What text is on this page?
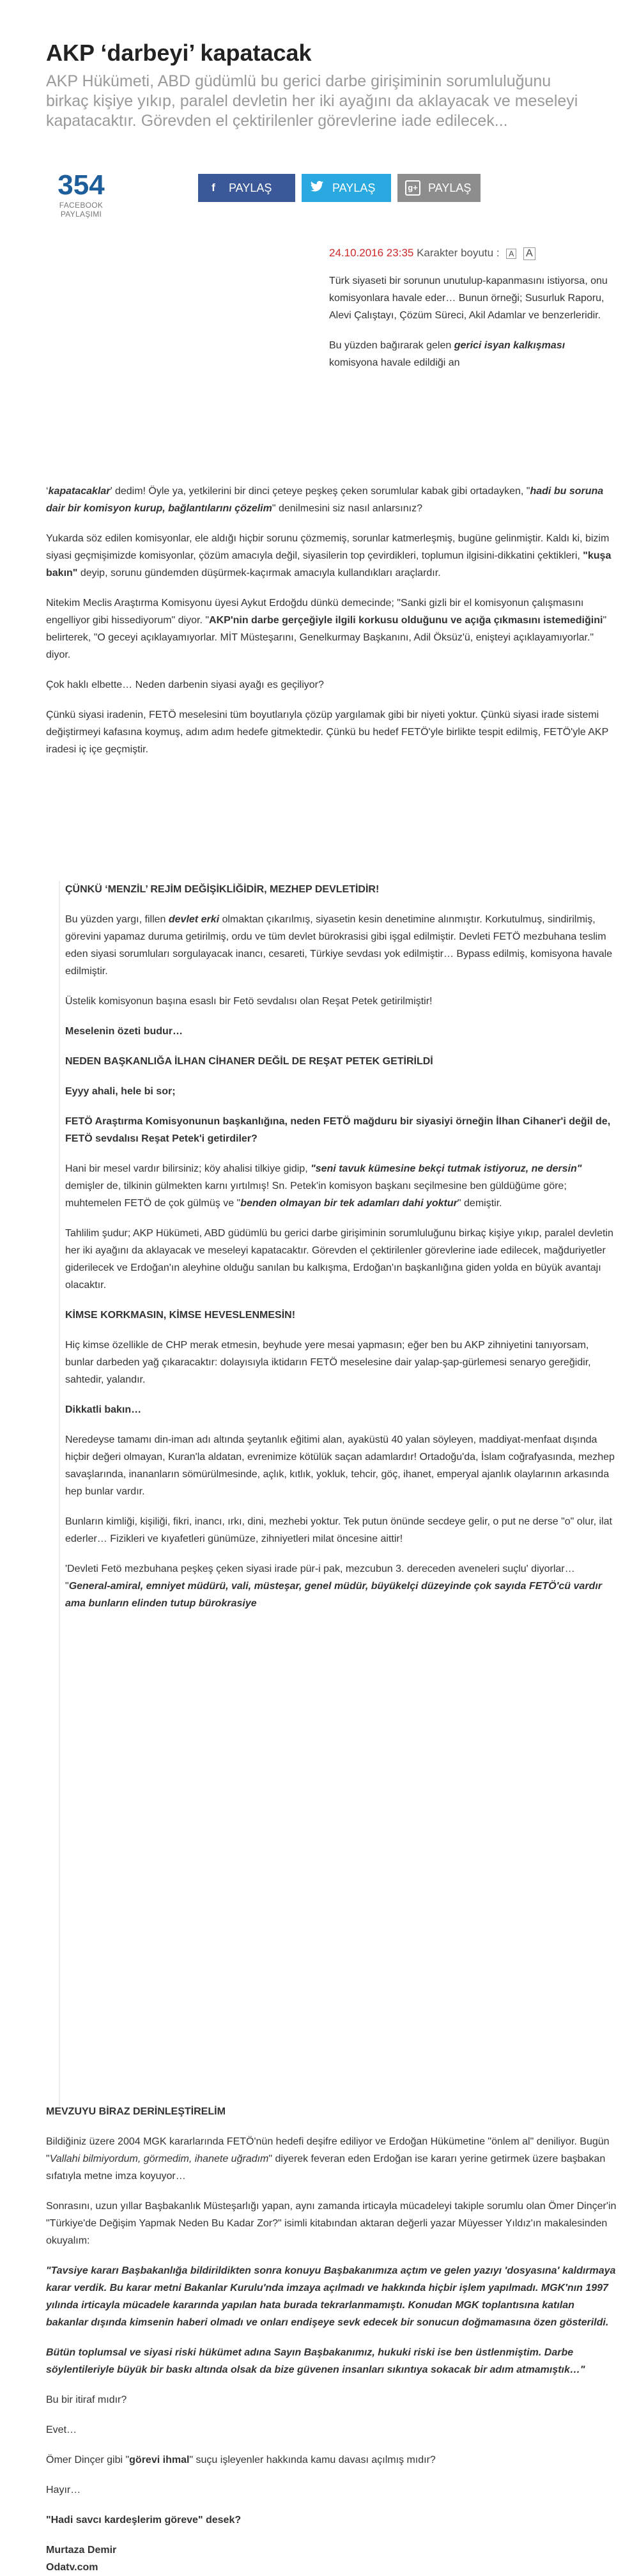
AKP ‘darbeyi’ kapatacak

AKP Hükümeti, ABD güdümlü bu gerici darbe girişiminin sorumluluğunu birkaç kişiye yıkıp, paralel devletin her iki ayağını da aklayacak ve meseleyi kapatacaktır. Görevden el çektirilenler görevlerine iade edilecek...

354
FACEBOOK PAYLAŞIMI
f	PAYLAŞ	PAYLAŞ	g+ PAYLAŞ
24.10.2016 23:35 Karakter boyutu : A A

Türk siyaseti bir sorunun unutulup-kapanmasını istiyorsa, onu komisyonlara havale eder… Bunun örneği; Susurluk Raporu, Alevi Çalıştayı, Çözüm Süreci, Akil Adamlar ve benzerleridir.

Bu yüzden bağırarak gelen gerici isyan kalkışması komisyona havale edildiği an

‘kapatacaklar’ dedim! Öyle ya, yetkilerini bir dinci çeteye peşkeş çeken sorumlular kabak gibi ortadayken, "hadi bu soruna dair bir komisyon kurup, bağlantılarını çözelim" denilmesini siz nasıl anlarsınız?

Yukarda söz edilen komisyonlar, ele aldığı hiçbir sorunu çözmemiş, sorunlar katmerleşmiş, bugüne gelinmiştir. Kaldı ki, bizim siyasi geçmişimizde komisyonlar, çözüm amacıyla değil, siyasilerin top çevirdikleri, toplumun ilgisini-dikkatini çektikleri, "kuşa bakın" deyip, sorunu gündemden düşürmek-kaçırmak amacıyla kullandıkları araçlardır.

Nitekim Meclis Araştırma Komisyonu üyesi Aykut Erdoğdu dünkü demecinde; "Sanki gizli bir el komisyonun çalışmasını engelliyor gibi hissediyorum" diyor. "AKP'nin darbe gerçeğiyle ilgili korkusu olduğunu ve açığa çıkmasını istemediğini" belirterek, "O geceyi açıklayamıyorlar. MİT Müsteşarını, Genelkurmay Başkanını, Adil Öksüz'ü, enişteyi açıklayamıyorlar." diyor.

Çok haklı elbette… Neden darbenin siyasi ayağı es geçiliyor?

Çünkü siyasi iradenin, FETÖ meselesini tüm boyutlarıyla çözüp yargılamak gibi bir niyeti yoktur. Çünkü siyasi irade sistemi değiştirmeyi kafasına koymuş, adım adım hedefe gitmektedir. Çünkü bu hedef FETÖ'yle birlikte tespit edilmiş, FETÖ'yle AKP iradesi iç içe geçmiştir.

ÇÜNKÜ ‘MENZİL’ REJİM DEĞİŞİKLİĞİDİR, MEZHEP DEVLETİDİR!

Bu yüzden yargı, fillen devlet erki olmaktan çıkarılmış, siyasetin kesin denetimine alınmıştır. Korkutulmuş, sindirilmiş, görevini yapamaz duruma getirilmiş, ordu ve tüm devlet bürokrasisi gibi işgal edilmiştir. Devleti FETÖ mezbuhana teslim eden siyasi sorumluları sorgulayacak inancı, cesareti, Türkiye sevdası yok edilmiştir… Bypass edilmiş, komisyona havale edilmiştir.

Üstelik komisyonun başına esaslı bir Fetö sevdalısı olan Reşat Petek getirilmiştir!

Meselenin özeti budur…

NEDEN BAŞKANLIĞA İLHAN CİHANER DEĞİL DE REŞAT PETEK GETİRİLDİ

Eyyy ahali, hele bi sor;

FETÖ Araştırma Komisyonunun başkanlığına, neden FETÖ mağduru bir siyasiyi örneğin İlhan Cihaner'i değil de, FETÖ sevdalısı Reşat Petek'i getirdiler?

Hani bir mesel vardır bilirsiniz; köy ahalisi tilkiye gidip, "seni tavuk kümesine bekçi tutmak istiyoruz, ne dersin" demişler de, tilkinin gülmekten karnı yırtılmış! Sn. Petek'in komisyon başkanı seçilmesine ben güldüğüme göre; muhtemelen FETÖ de çok gülmüş ve "benden olmayan bir tek adamları dahi yoktur" demiştir.

Tahlilim şudur; AKP Hükümeti, ABD güdümlü bu gerici darbe girişiminin sorumluluğunu birkaç kişiye yıkıp, paralel devletin her iki ayağını da aklayacak ve meseleyi kapatacaktır. Görevden el çektirilenler görevlerine iade edilecek, mağduriyetler giderilecek ve Erdoğan'ın aleyhine olduğu sanılan bu kalkışma, Erdoğan'ın başkanlığına giden yolda en büyük avantajı olacaktır.

KİMSE KORKMASIN, KİMSE HEVESLENMESİN!

Hiç kimse özellikle de CHP merak etmesin, beyhude yere mesai yapmasın; eğer ben bu AKP zihniyetini tanıyorsam, bunlar darbeden yağ çıkaracaktır: dolayısıyla iktidarın FETÖ meselesine dair yalap-şap-gürlemesi senaryo gereğidir, sahtedir, yalandır.

Dikkatli bakın…

Neredeyse tamamı din-iman adı altında şeytanlık eğitimi alan, ayaküstü 40 yalan söyleyen, maddiyat-menfaat dışında hiçbir değeri olmayan, Kuran'la aldatan, evrenimize kötülük saçan adamlardır! Ortadoğu'da, İslam coğrafyasında, mezhep savaşlarında, inananların sömürülmesinde, açlık, kıtlık, yokluk, tehcir, göç, ihanet, emperyal ajanlık olaylarının arkasında hep bunlar vardır.

Bunların kimliği, kişiliği, fikri, inancı, ırkı, dini, mezhebi yoktur. Tek putun önünde secdeye gelir, o put ne derse "o" olur, ilat ederler… Fizikleri ve kıyafetleri günümüze, zihniyetleri milat öncesine aittir!

'Devleti Fetö mezbuhana peşkeş çeken siyasi irade pür-i pak, mezcubun 3. dereceden aveneleri suçlu' diyorlar… "General-amiral, emniyet müdürü, vali, müsteşar, genel müdür, büyükelçi düzeyinde çok sayıda FETÖ'cü vardır ama bunların elinden tutup bürokrasiye

MEVZUYU BİRAZ DERİNLEŞTİRELİM

Bildiğiniz üzere 2004 MGK kararlarında FETÖ'nün hedefi deşifre ediliyor ve Erdoğan Hükümetine "önlem al" deniliyor. Bugün "Vallahi bilmiyordum, görmedim, ihanete uğradım" diyerek feveran eden Erdoğan ise kararı yerine getirmek üzere başbakan sıfatıyla metne imza koyuyor…

Sonrasını, uzun yıllar Başbakanlık Müsteşarlığı yapan, aynı zamanda irticayla mücadeleyi takiple sorumlu olan Ömer Dinçer'in "Türkiye'de Değişim Yapmak Neden Bu Kadar Zor?" isimli kitabından aktaran değerli yazar Müyesser Yıldız'ın makalesinden okuyalım:

"Tavsiye kararı Başbakanlığa bildirildikten sonra konuyu Başbakanımıza açtım ve gelen yazıyı 'dosyasına' kaldırmaya karar verdik. Bu karar metni Bakanlar Kurulu'nda imzaya açılmadı ve hakkında hiçbir işlem yapılmadı. MGK'nın 1997 yılında irticayla mücadele kararında yapılan hata burada tekrarlanmamıştı. Konudan MGK toplantısına katılan bakanlar dışında kimsenin haberi olmadı ve onları endişeye sevk edecek bir sonucun doğmamasına özen gösterildi.

Bütün toplumsal ve siyasi riski hükümet adına Sayın Başbakanımız, hukuki riski ise ben üstlenmiştim. Darbe söylentileriyle büyük bir baskı altında olsak da bize güvenen insanları sıkıntıya sokacak bir adım atmamıştık…"

Bu bir itiraf mıdır?

Evet…

Ömer Dinçer gibi "görevi ihmal" suçu işleyenler hakkında kamu davası açılmış mıdır?

Hayır…

"Hadi savcı kardeşlerim göreve" desek?

Murtaza Demir
Odatv.com
